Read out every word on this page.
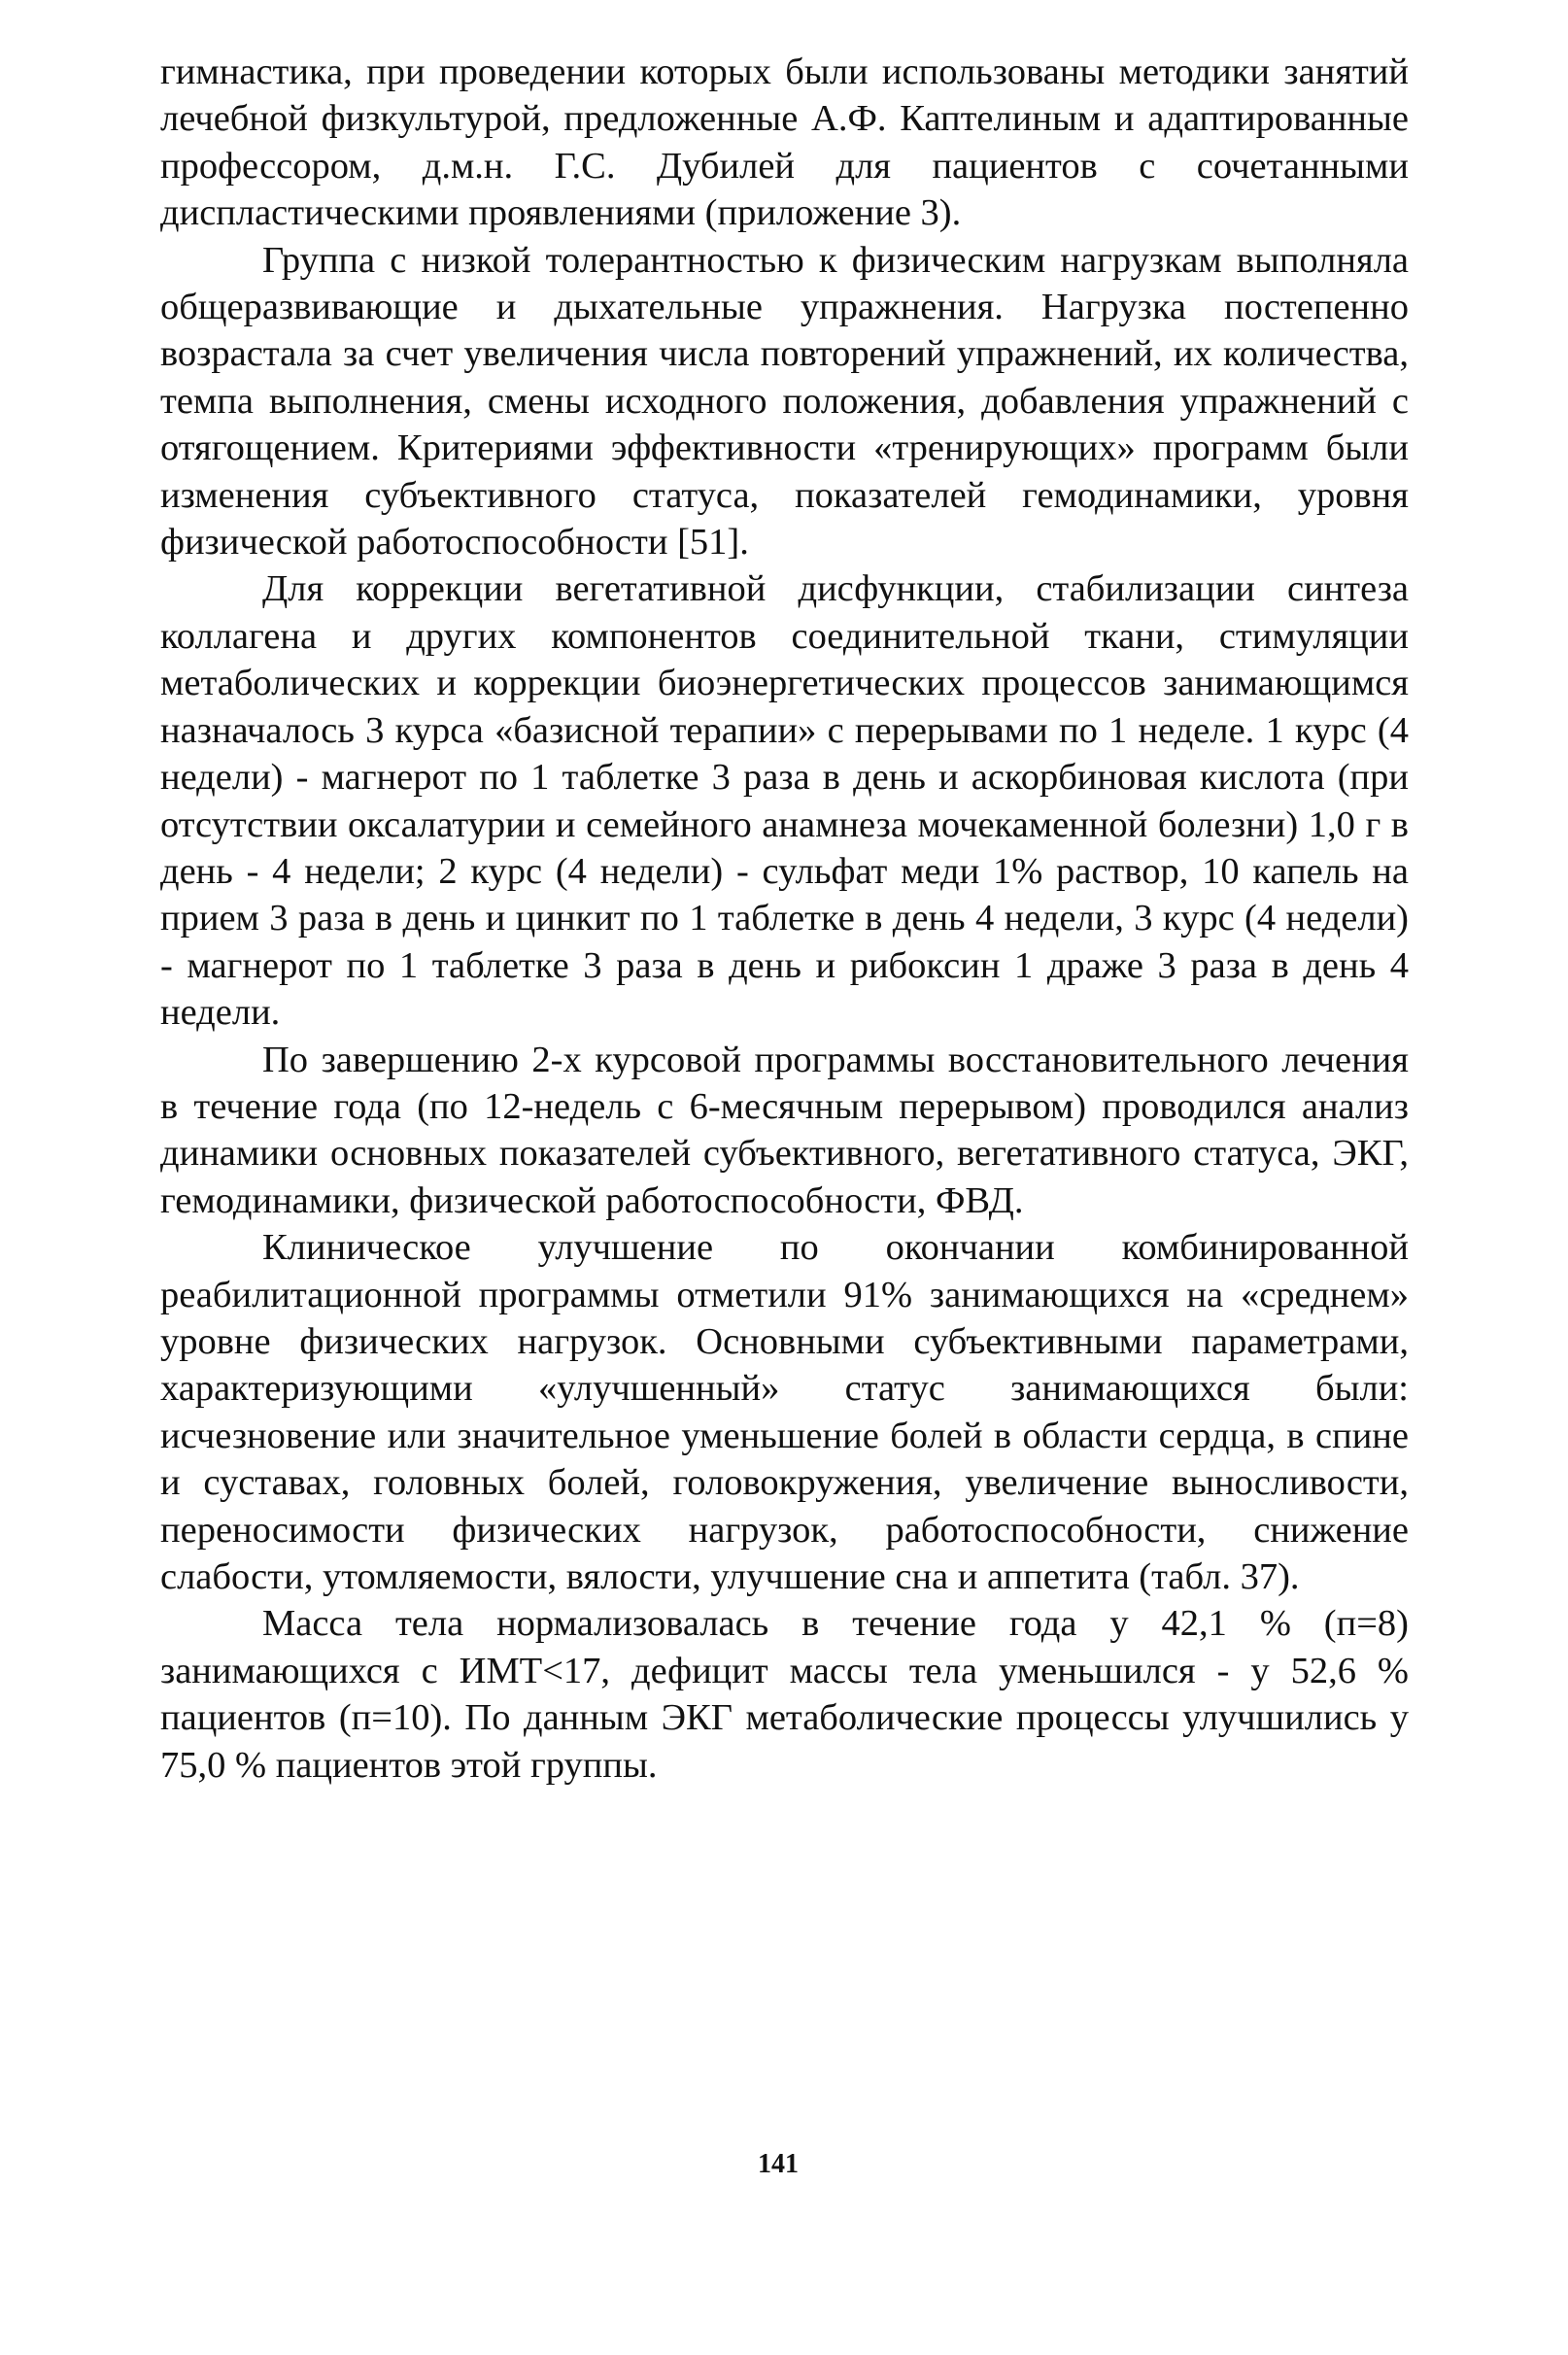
гимнастика, при проведении которых были использованы методики занятий лечебной физкультурой, предложенные А.Ф. Каптелиным и адаптированные профессором, д.м.н. Г.С. Дубилей для пациентов с сочетанными диспластическими проявлениями (приложение 3).

Группа с низкой толерантностью к физическим нагрузкам выполняла общеразвивающие и дыхательные упражнения. Нагрузка постепенно возрастала за счет увеличения числа повторений упражнений, их количества, темпа выполнения, смены исходного положения, добавления упражнений с отягощением. Критериями эффективности «тренирующих» программ были изменения субъективного статуса, показателей гемодинамики, уровня физической работоспособности [51].

Для коррекции вегетативной дисфункции, стабилизации синтеза коллагена и других компонентов соединительной ткани, стимуляции метаболических и коррекции биоэнергетических процессов занимающимся назначалось 3 курса «базисной терапии» с перерывами по 1 неделе. 1 курс (4 недели) - магнерот по 1 таблетке 3 раза в день и аскорбиновая кислота (при отсутствии оксалатурии и семейного анамнеза мочекаменной болезни) 1,0 г в день - 4 недели; 2 курс (4 недели) - сульфат меди 1% раствор, 10 капель на прием 3 раза в день и цинкит по 1 таблетке в день 4 недели, 3 курс (4 недели) - магнерот по 1 таблетке 3 раза в день и рибоксин 1 драже 3 раза в день 4 недели.

По завершению 2-х курсовой программы восстановительного лечения в течение года (по 12-недель с 6-месячным перерывом) проводился анализ динамики основных показателей субъективного, вегетативного статуса, ЭКГ, гемодинамики, физической работоспособности, ФВД.

Клиническое улучшение по окончании комбинированной реабилитационной программы отметили 91% занимающихся на «среднем» уровне физических нагрузок. Основными субъективными параметрами, характеризующими «улучшенный» статус занимающихся были: исчезновение или значительное уменьшение болей в области сердца, в спине и суставах, головных болей, головокружения, увеличение выносливости, переносимости физических нагрузок, работоспособности, снижение слабости, утомляемости, вялости, улучшение сна и аппетита (табл. 37).

Масса тела нормализовалась в течение года у 42,1 % (п=8) занимающихся с ИМТ<17, дефицит массы тела уменьшился - у 52,6 % пациентов (п=10). По данным ЭКГ метаболические процессы улучшились у 75,0 % пациентов этой группы.

141
